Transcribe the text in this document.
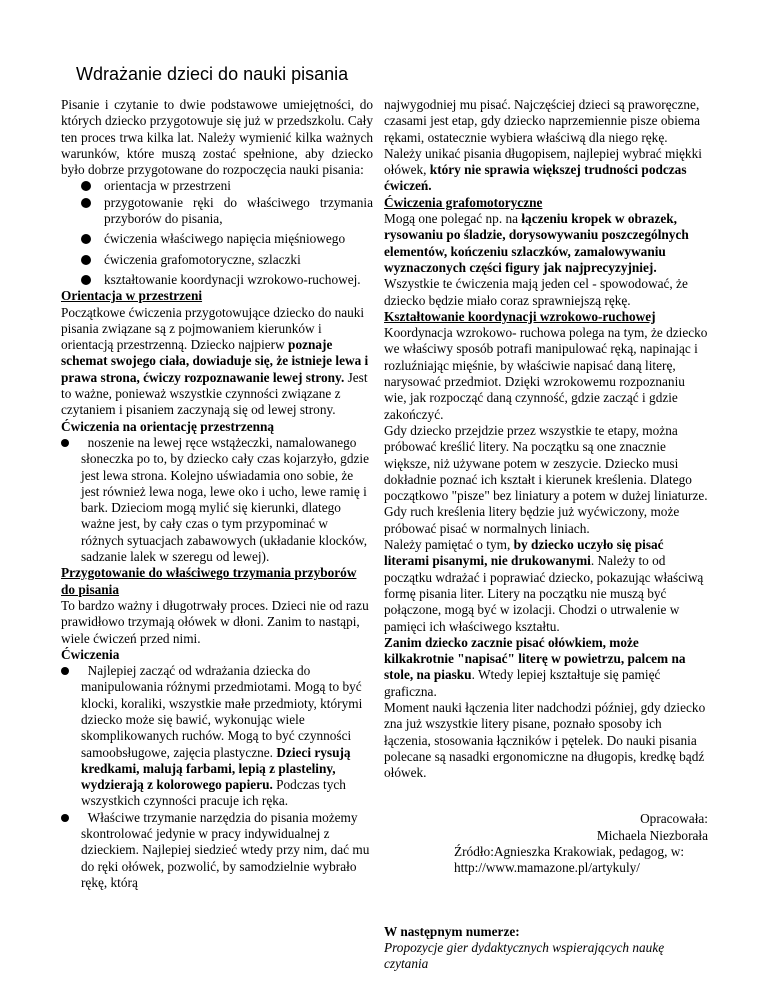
Wdrażanie dzieci do nauki pisania

Pisanie i czytanie to dwie podstawowe umiejętności, do których dziecko przygotowuje się już w przedszkolu. Cały ten proces trwa kilka lat. Należy wymienić kilka ważnych warunków, które muszą zostać spełnione, aby dziecko było dobrze przygotowane do rozpoczęcia nauki pisania:

orientacja w przestrzeni
przygotowanie ręki do właściwego trzymania przyborów do pisania,
ćwiczenia właściwego napięcia mięśniowego
ćwiczenia grafomotoryczne, szlaczki
kształtowanie koordynacji wzrokowo-ruchowej.

Orientacja w przestrzeni

Początkowe ćwiczenia przygotowujące dziecko do nauki pisania związane są z pojmowaniem kierunków i orientacją przestrzenną. Dziecko najpierw poznaje schemat swojego ciała, dowiaduje się, że istnieje lewa i prawa strona, ćwiczy rozpoznawanie lewej strony. Jest to ważne, ponieważ wszystkie czynności związane z czytaniem i pisaniem zaczynają się od lewej strony.

Ćwiczenia na orientację przestrzenną

noszenie na lewej ręce wstążeczki, namalowanego słoneczka po to, by dziecko cały czas kojarzyło, gdzie jest lewa strona. Kolejno uświadamia ono sobie, że jest również lewa noga, lewe oko i ucho, lewe ramię i bark. Dzieciom mogą mylić się kierunki, dlatego ważne jest, by cały czas o tym przypominać w różnych sytuacjach zabawowych (układanie klocków, sadzanie lalek w szeregu od lewej).

Przygotowanie do właściwego trzymania przyborów do pisania

To bardzo ważny i długotrwały proces. Dzieci nie od razu prawidłowo trzymają ołówek w dłoni. Zanim to nastąpi, wiele ćwiczeń przed nimi.

Ćwiczenia

Najlepiej zacząć od wdrażania dziecka do manipulowania różnymi przedmiotami. Mogą to być klocki, koraliki, wszystkie małe przedmioty, którymi dziecko może się bawić, wykonując wiele skomplikowanych ruchów. Mogą to być czynności samoobsługowe, zajęcia plastyczne. Dzieci rysują kredkami, malują farbami, lepią z plasteliny, wydzierają z kolorowego papieru. Podczas tych wszystkich czynności pracuje ich ręka.

Właściwe trzymanie narzędzia do pisania możemy skontrolować jedynie w pracy indywidualnej z dzieckiem. Najlepiej siedzieć wtedy przy nim, dać mu do ręki ołówek, pozwolić, by samodzielnie wybrało rękę, którą

najwygodniej mu pisać. Najczęściej dzieci są praworęczne, czasami jest etap, gdy dziecko naprzemiennie pisze obiema rękami, ostatecznie wybiera właściwą dla niego rękę.

Należy unikać pisania długopisem, najlepiej wybrać miękki ołówek, który nie sprawia większej trudności podczas ćwiczeń.

Ćwiczenia grafomotoryczne

Mogą one polegać np. na łączeniu kropek w obrazek, rysowaniu po śladzie, dorysowywaniu poszczególnych elementów, kończeniu szlaczków, zamalowywaniu wyznaczonych części figury jak najprecyzyjniej.

Wszystkie te ćwiczenia mają jeden cel - spowodować, że dziecko będzie miało coraz sprawniejszą rękę.

Kształtowanie koordynacji wzrokowo-ruchowej

Koordynacja wzrokowo- ruchowa polega na tym, że dziecko we właściwy sposób potrafi manipulować ręką, napinając i rozluźniając mięśnie, by właściwie napisać daną literę, narysować przedmiot. Dzięki wzrokowemu rozpoznaniu wie, jak rozpocząć daną czynność, gdzie zacząć i gdzie zakończyć.

Gdy dziecko przejdzie przez wszystkie te etapy, można próbować kreślić litery. Na początku są one znacznie większe, niż używane potem w zeszycie. Dziecko musi dokładnie poznać ich kształt i kierunek kreślenia. Dlatego początkowo "pisze" bez liniatury a potem w dużej liniaturze. Gdy ruch kreślenia litery będzie już wyćwiczony, może próbować pisać w normalnych liniach.

Należy pamiętać o tym, by dziecko uczyło się pisać literami pisanymi, nie drukowanymi. Należy to od początku wdrażać i poprawiać dziecko, pokazując właściwą formę pisania liter. Litery na początku nie muszą być połączone, mogą być w izolacji. Chodzi o utrwalenie w pamięci ich właściwego kształtu.

Zanim dziecko zacznie pisać ołówkiem, może kilkakrotnie "napisać" literę w powietrzu, palcem na stole, na piasku. Wtedy lepiej kształtuje się pamięć graficzna.

Moment nauki łączenia liter nadchodzi później, gdy dziecko zna już wszystkie litery pisane, poznało sposoby ich łączenia, stosowania łączników i pętelek. Do nauki pisania polecane są nasadki ergonomiczne na długopis, kredkę bądź ołówek.

Opracowała:

Michaela Niezborała

Źródło:Agnieszka Krakowiak, pedagog, w: http://www.mamazone.pl/artykuly/

W następnym numerze:

Propozycje gier dydaktycznych wspierających naukę czytania
